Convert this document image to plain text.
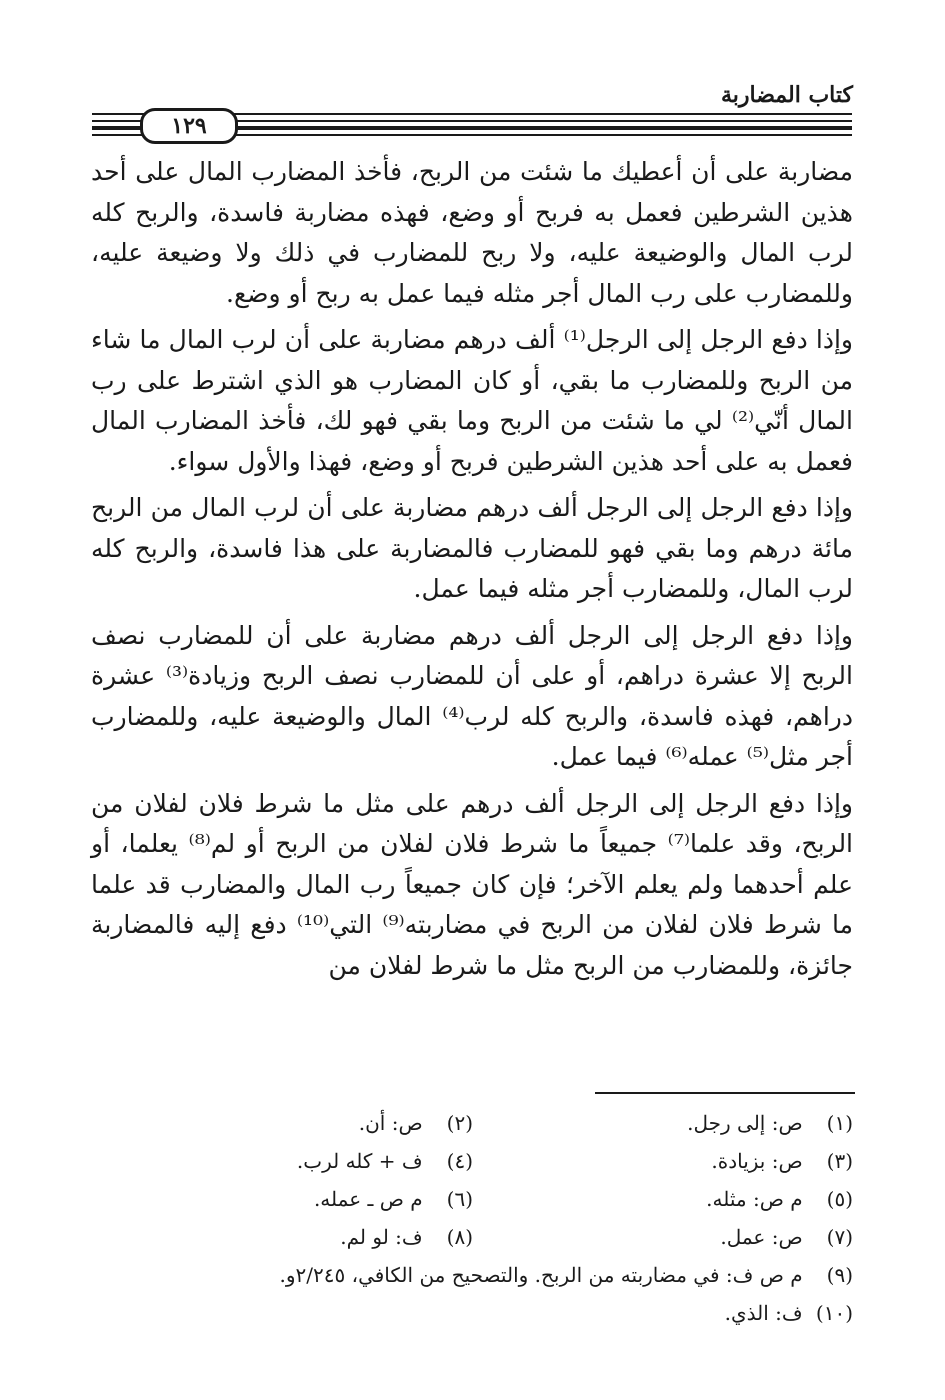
كتاب المضاربة
١٢٩

مضاربة على أن أعطيك ما شئت من الربح، فأخذ المضارب المال على أحد هذين الشرطين فعمل به فربح أو وضع، فهذه مضاربة فاسدة، والربح كله لرب المال والوضيعة عليه، ولا ربح للمضارب في ذلك ولا وضيعة عليه، وللمضارب على رب المال أجر مثله فيما عمل به ربح أو وضع.

وإذا دفع الرجل إلى الرجل⁽¹⁾ ألف درهم مضاربة على أن لرب المال ما شاء من الربح وللمضارب ما بقي، أو كان المضارب هو الذي اشترط على رب المال أنّي⁽²⁾ لي ما شئت من الربح وما بقي فهو لك، فأخذ المضارب المال فعمل به على أحد هذين الشرطين فربح أو وضع، فهذا والأول سواء.

وإذا دفع الرجل إلى الرجل ألف درهم مضاربة على أن لرب المال من الربح مائة درهم وما بقي فهو للمضارب فالمضاربة على هذا فاسدة، والربح كله لرب المال، وللمضارب أجر مثله فيما عمل.

وإذا دفع الرجل إلى الرجل ألف درهم مضاربة على أن للمضارب نصف الربح إلا عشرة دراهم، أو على أن للمضارب نصف الربح وزيادة⁽³⁾ عشرة دراهم، فهذه فاسدة، والربح كله لرب⁽⁴⁾ المال والوضيعة عليه، وللمضارب أجر مثل⁽⁵⁾ عمله⁽⁶⁾ فيما عمل.

وإذا دفع الرجل إلى الرجل ألف درهم على مثل ما شرط فلان لفلان من الربح، وقد علما⁽⁷⁾ جميعاً ما شرط فلان لفلان من الربح أو لم⁽⁸⁾ يعلما، أو علم أحدهما ولم يعلم الآخر؛ فإن كان جميعاً رب المال والمضارب قد علما ما شرط فلان لفلان من الربح في مضاربته⁽⁹⁾ التي⁽¹⁰⁾ دفع إليه فالمضاربة جائزة، وللمضارب من الربح مثل ما شرط لفلان من

(١) ص: إلى رجل.
(٢) ص: أن.
(٣) ص: بزيادة.
(٤) ف + كله لرب.
(٥) م ص: مثله.
(٦) م ص ـ عمله.
(٧) ص: عمل.
(٨) ف: لو لم.
(٩) م ص ف: في مضاربته من الربح. والتصحيح من الكافي، ٢/٢٤٥و.
(١٠) ف: الذي.
